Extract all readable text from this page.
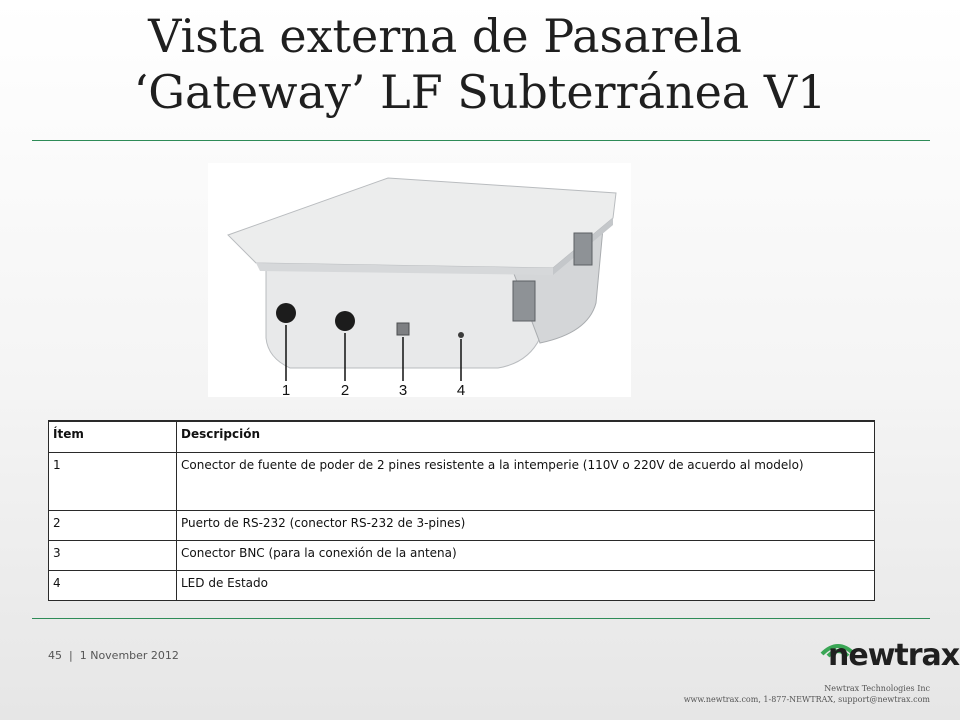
Vista externa de Pasarela
‘Gateway’ LF Subterránea V1
1	2	3	4
Ítem	Descripción
1	Conector de fuente de poder de 2 pines resistente a la intemperie (110V o 220V de acuerdo al modelo)
2	Puerto de RS-232 (conector RS-232 de 3-pines)
3	Conector BNC (para la conexión de la antena)
4	LED de Estado
45 | 1 November 2012	newtrax
Newtrax Technologies Inc
www.newtrax.com, 1-877-NEWTRAX, support@newtrax.com
